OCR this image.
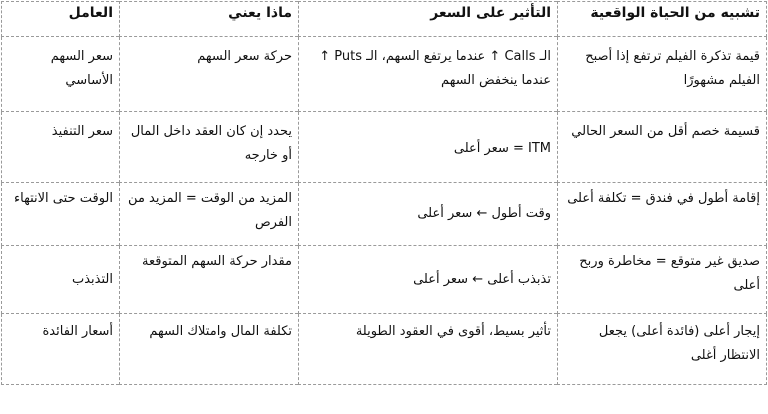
تشبيه من الحياة الواقعية	التأثير على السعر	ماذا يعني	العامل
قيمة تذكرة الفيلم ترتفع إذا أصبح الفيلم مشهورًا	الـ Calls ↑ عندما يرتفع السهم، الـ Puts ↑ عندما ينخفض السهم	حركة سعر السهم	سعر السهم الأساسي
قسيمة خصم أقل من السعر الحالي	ITM = سعر أعلى	يحدد إن كان العقد داخل المال أو خارجه	سعر التنفيذ
إقامة أطول في فندق = تكلفة أعلى	وقت أطول ← سعر أعلى	المزيد من الوقت = المزيد من الفرص	الوقت حتى الانتهاء
صديق غير متوقع = مخاطرة وربح أعلى	تذبذب أعلى ← سعر أعلى	مقدار حركة السهم المتوقعة	التذبذب
إيجار أعلى (فائدة أعلى) يجعل الانتظار أغلى	تأثير بسيط، أقوى في العقود الطويلة	تكلفة المال وامتلاك السهم	أسعار الفائدة
